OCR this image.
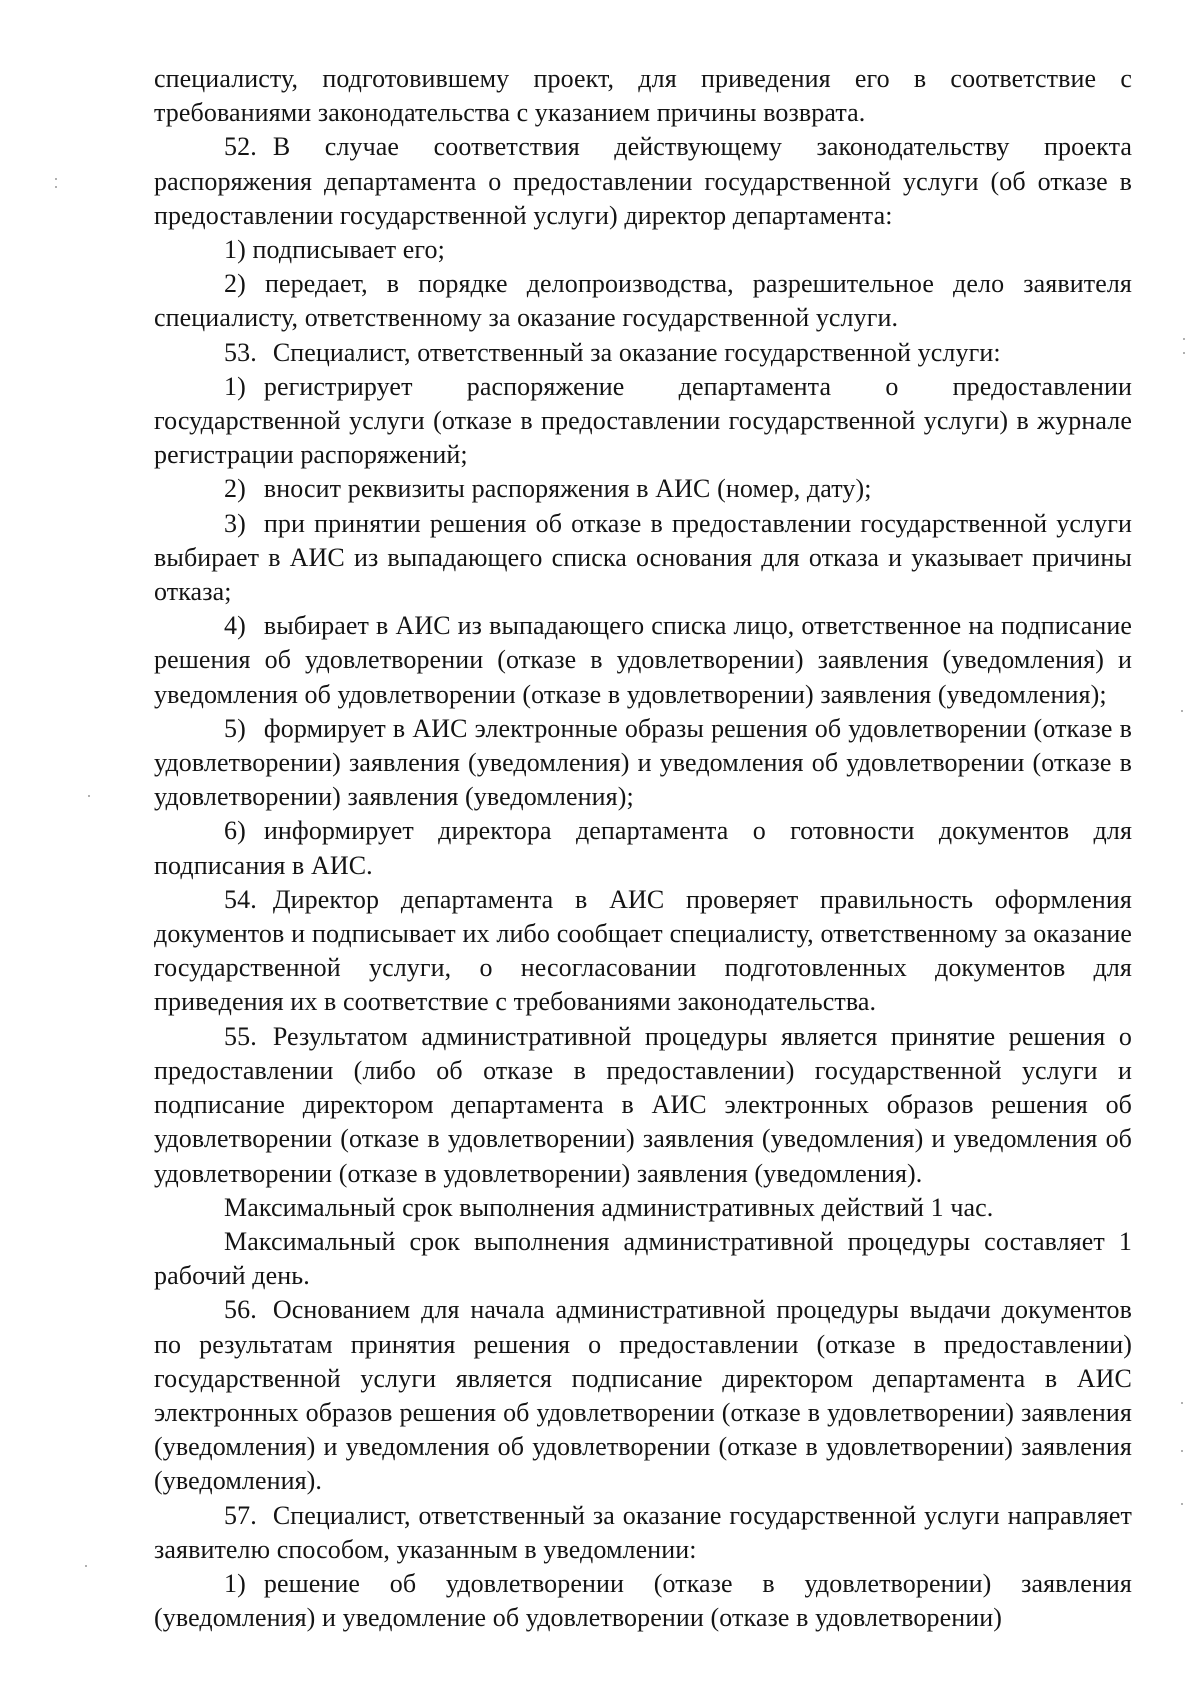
специалисту, подготовившему проект, для приведения его в соответствие с требованиями законодательства с указанием причины возврата.

52. В случае соответствия действующему законодательству проекта распоряжения департамента о предоставлении государственной услуги (об отказе в предоставлении государственной услуги) директор департамента:

1) подписывает его;

2) передает, в порядке делопроизводства, разрешительное дело заявителя специалисту, ответственному за оказание государственной услуги.

53. Специалист, ответственный за оказание государственной услуги:

1) регистрирует распоряжение департамента о предоставлении государственной услуги (отказе в предоставлении государственной услуги) в журнале регистрации распоряжений;

2) вносит реквизиты распоряжения в АИС (номер, дату);

3) при принятии решения об отказе в предоставлении государственной услуги выбирает в АИС из выпадающего списка основания для отказа и указывает причины отказа;

4) выбирает в АИС из выпадающего списка лицо, ответственное на подписание решения об удовлетворении (отказе в удовлетворении) заявления (уведомления) и уведомления об удовлетворении (отказе в удовлетворении) заявления (уведомления);

5) формирует в АИС электронные образы решения об удовлетворении (отказе в удовлетворении) заявления (уведомления) и уведомления об удовлетворении (отказе в удовлетворении) заявления (уведомления);

6) информирует директора департамента о готовности документов для подписания в АИС.

54. Директор департамента в АИС проверяет правильность оформления документов и подписывает их либо сообщает специалисту, ответственному за оказание государственной услуги, о несогласовании подготовленных документов для приведения их в соответствие с требованиями законодательства.

55. Результатом административной процедуры является принятие решения о предоставлении (либо об отказе в предоставлении) государственной услуги и подписание директором департамента в АИС электронных образов решения об удовлетворении (отказе в удовлетворении) заявления (уведомления) и уведомления об удовлетворении (отказе в удовлетворении) заявления (уведомления).

Максимальный срок выполнения административных действий 1 час.

Максимальный срок выполнения административной процедуры составляет 1 рабочий день.

56. Основанием для начала административной процедуры выдачи документов по результатам принятия решения о предоставлении (отказе в предоставлении) государственной услуги является подписание директором департамента в АИС электронных образов решения об удовлетворении (отказе в удовлетворении) заявления (уведомления) и уведомления об удовлетворении (отказе в удовлетворении) заявления (уведомления).

57. Специалист, ответственный за оказание государственной услуги направляет заявителю способом, указанным в уведомлении:

1) решение об удовлетворении (отказе в удовлетворении) заявления (уведомления) и уведомление об удовлетворении (отказе в удовлетворении)
